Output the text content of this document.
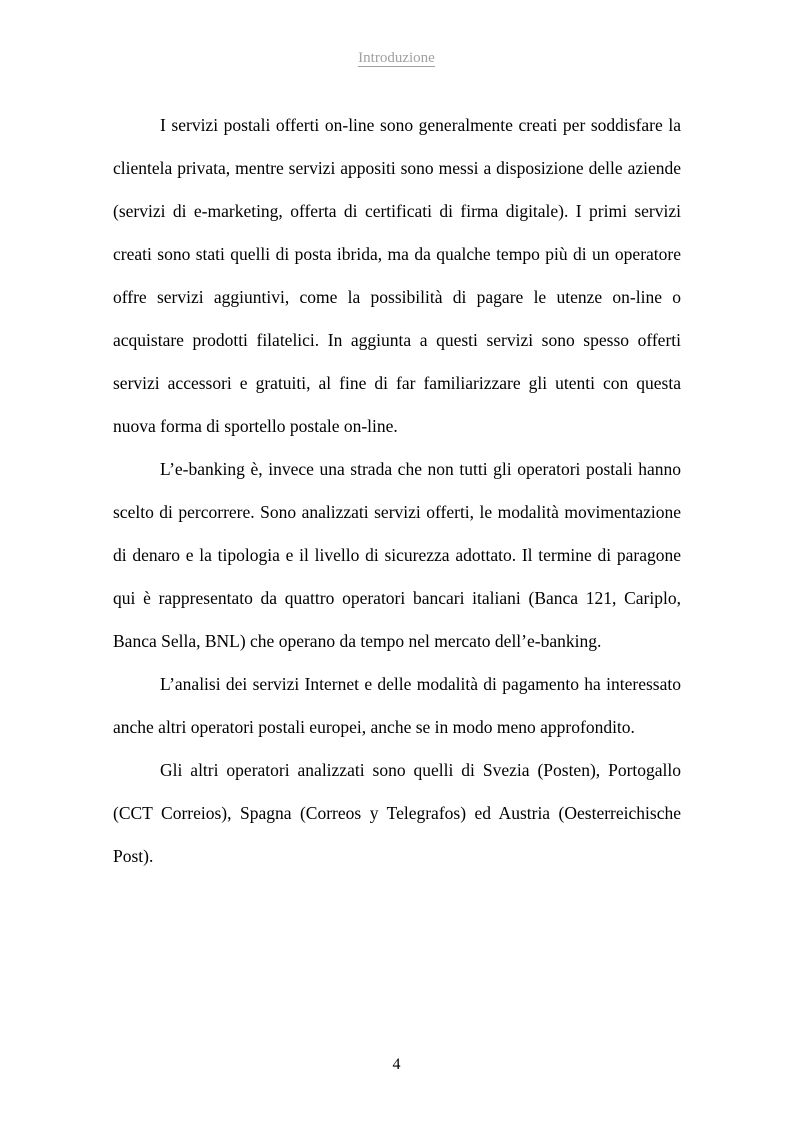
Introduzione

I servizi postali offerti on-line sono generalmente creati per soddisfare la clientela privata, mentre servizi appositi sono messi a disposizione delle aziende (servizi di e-marketing, offerta di certificati di firma digitale). I primi servizi creati sono stati quelli di posta ibrida, ma da qualche tempo più di un operatore offre servizi aggiuntivi, come la possibilità di pagare le utenze on-line o acquistare prodotti filatelici. In aggiunta a questi servizi sono spesso offerti servizi accessori e gratuiti, al fine di far familiarizzare gli utenti con questa nuova forma di sportello postale on-line.

L’e-banking è, invece una strada che non tutti gli operatori postali hanno scelto di percorrere. Sono analizzati servizi offerti, le modalità movimentazione di denaro e la tipologia e il livello di sicurezza adottato. Il termine di paragone qui è rappresentato da quattro operatori bancari italiani (Banca 121, Cariplo, Banca Sella, BNL) che operano da tempo nel mercato dell’e-banking.

L’analisi dei servizi Internet e delle modalità di pagamento ha interessato anche altri operatori postali europei, anche se in modo meno approfondito.

Gli altri operatori analizzati sono quelli di Svezia (Posten), Portogallo (CCT Correios), Spagna (Correos y Telegrafos) ed Austria (Oesterreichische Post).

4
